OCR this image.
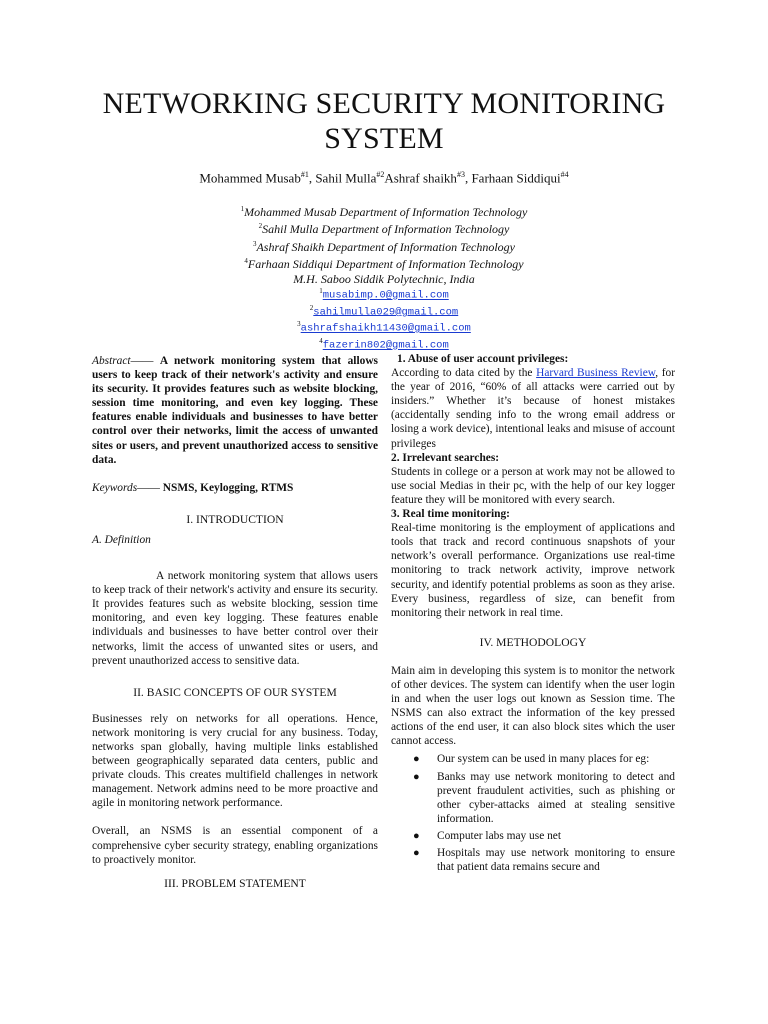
NETWORKING SECURITY MONITORING
SYSTEM
Mohammed Musab$^{\#1}$, Sahil Mulla$^{\#2}$Ashraf shaikh$^{\#3}$, Farhaan Siddiqui$^{\#4}$
$^1$Mohammed Musab Department of Information Technology
$^2$Sahil Mulla Department of Information Technology
$^3$Ashraf Shaikh Department of Information Technology
$^4$Farhaan Siddiqui Department of Information Technology
M.H. Saboo Siddik Polytechnic, India
$^1$musabimp.0@gmail.com
$^2$sahilmulla029@gmail.com
$^3$ashrafshaikh11430@gmail.com
$^4$fazerin802@gmail.com

Abstract—— A network monitoring system that allows users to keep track of their network's activity and ensure its security. It provides features such as website blocking, session time monitoring, and even key logging. These features enable individuals and businesses to have better control over their networks, limit the access of unwanted sites or users, and prevent unauthorized access to sensitive data.

Keywords—— NSMS, Keylogging, RTMS

I. INTRODUCTION
A. Definition

A network monitoring system that allows users to keep track of their network's activity and ensure its security. It provides features such as website blocking, session time monitoring, and even key logging. These features enable individuals and businesses to have better control over their networks, limit the access of unwanted sites or users, and prevent unauthorized access to sensitive data.

II. BASIC CONCEPTS OF OUR SYSTEM

Businesses rely on networks for all operations. Hence, network monitoring is very crucial for any business. Today, networks span globally, having multiple links established between geographically separated data centers, public and private clouds. This creates multifield challenges in network management. Network admins need to be more proactive and agile in monitoring network performance.

Overall, an NSMS is an essential component of a comprehensive cyber security strategy, enabling organizations to proactively monitor.

III. PROBLEM STATEMENT

1. Abuse of user account privileges:

According to data cited by the Harvard Business Review, for the year of 2016, “60% of all attacks were carried out by insiders.” Whether it’s because of honest mistakes (accidentally sending info to the wrong email address or losing a work device), intentional leaks and misuse of account privileges

2. Irrelevant searches:

Students in college or a person at work may not be allowed to use social Medias in their pc, with the help of our key logger feature they will be monitored with every search.

3. Real time monitoring:

Real-time monitoring is the employment of applications and tools that track and record continuous snapshots of your network’s overall performance. Organizations use real-time monitoring to track network activity, improve network security, and identify potential problems as soon as they arise. Every business, regardless of size, can benefit from monitoring their network in real time.

IV. METHODOLOGY

Main aim in developing this system is to monitor the network of other devices. The system can identify when the user login in and when the user logs out known as Session time. The NSMS can also extract the information of the key pressed actions of the end user, it can also block sites which the user cannot access.

● Our system can be used in many places for eg:
● Banks may use network monitoring to detect and prevent fraudulent activities, such as phishing or other cyber-attacks aimed at stealing sensitive information.
● Computer labs may use net
● Hospitals may use network monitoring to ensure that patient data remains secure and
